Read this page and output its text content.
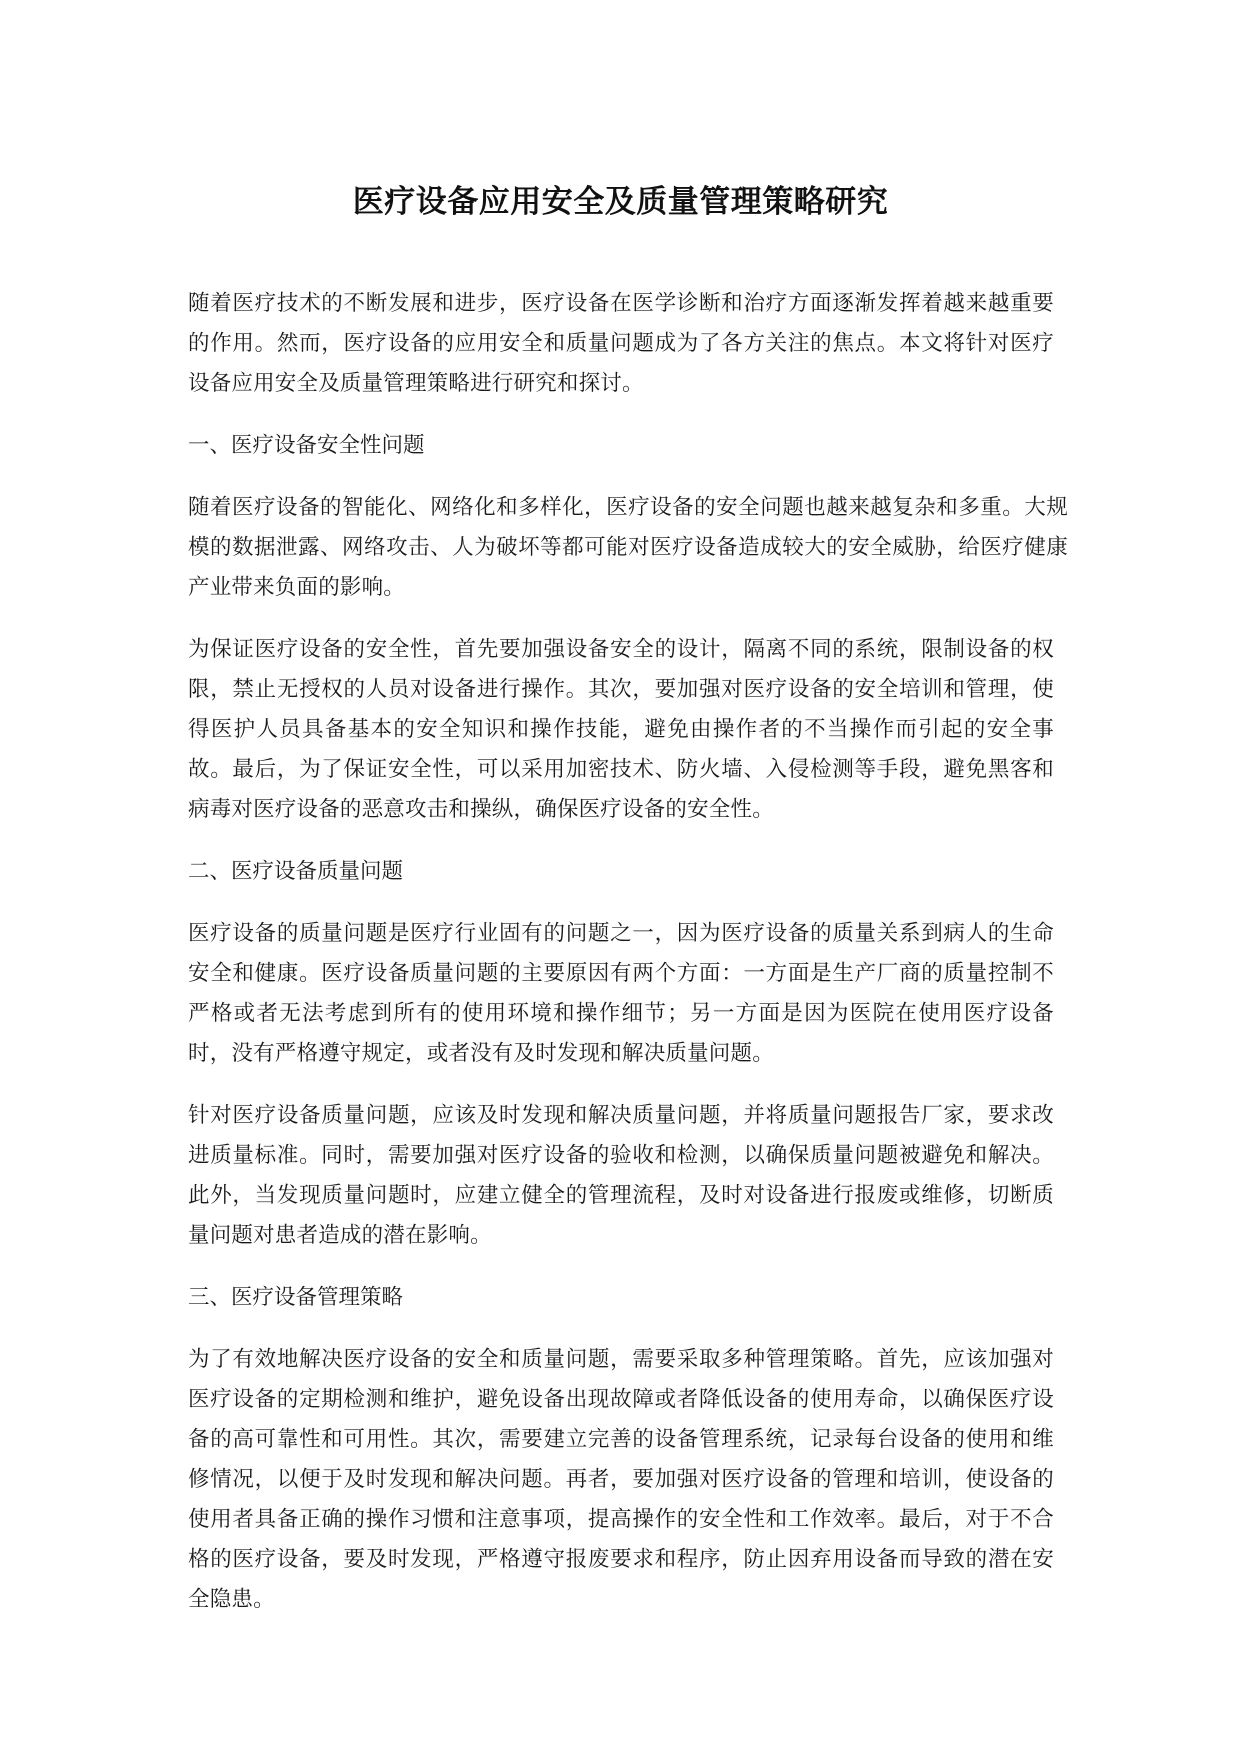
医疗设备应用安全及质量管理策略研究

随着医疗技术的不断发展和进步，医疗设备在医学诊断和治疗方面逐渐发挥着越来越重要的作用。然而，医疗设备的应用安全和质量问题成为了各方关注的焦点。本文将针对医疗设备应用安全及质量管理策略进行研究和探讨。

一、医疗设备安全性问题

随着医疗设备的智能化、网络化和多样化，医疗设备的安全问题也越来越复杂和多重。大规模的数据泄露、网络攻击、人为破坏等都可能对医疗设备造成较大的安全威胁，给医疗健康产业带来负面的影响。

为保证医疗设备的安全性，首先要加强设备安全的设计，隔离不同的系统，限制设备的权限，禁止无授权的人员对设备进行操作。其次，要加强对医疗设备的安全培训和管理，使得医护人员具备基本的安全知识和操作技能，避免由操作者的不当操作而引起的安全事故。最后，为了保证安全性，可以采用加密技术、防火墙、入侵检测等手段，避免黑客和病毒对医疗设备的恶意攻击和操纵，确保医疗设备的安全性。

二、医疗设备质量问题

医疗设备的质量问题是医疗行业固有的问题之一，因为医疗设备的质量关系到病人的生命安全和健康。医疗设备质量问题的主要原因有两个方面：一方面是生产厂商的质量控制不严格或者无法考虑到所有的使用环境和操作细节；另一方面是因为医院在使用医疗设备时，没有严格遵守规定，或者没有及时发现和解决质量问题。

针对医疗设备质量问题，应该及时发现和解决质量问题，并将质量问题报告厂家，要求改进质量标准。同时，需要加强对医疗设备的验收和检测，以确保质量问题被避免和解决。此外，当发现质量问题时，应建立健全的管理流程，及时对设备进行报废或维修，切断质量问题对患者造成的潜在影响。

三、医疗设备管理策略

为了有效地解决医疗设备的安全和质量问题，需要采取多种管理策略。首先，应该加强对医疗设备的定期检测和维护，避免设备出现故障或者降低设备的使用寿命，以确保医疗设备的高可靠性和可用性。其次，需要建立完善的设备管理系统，记录每台设备的使用和维修情况，以便于及时发现和解决问题。再者，要加强对医疗设备的管理和培训，使设备的使用者具备正确的操作习惯和注意事项，提高操作的安全性和工作效率。最后，对于不合格的医疗设备，要及时发现，严格遵守报废要求和程序，防止因弃用设备而导致的潜在安全隐患。
